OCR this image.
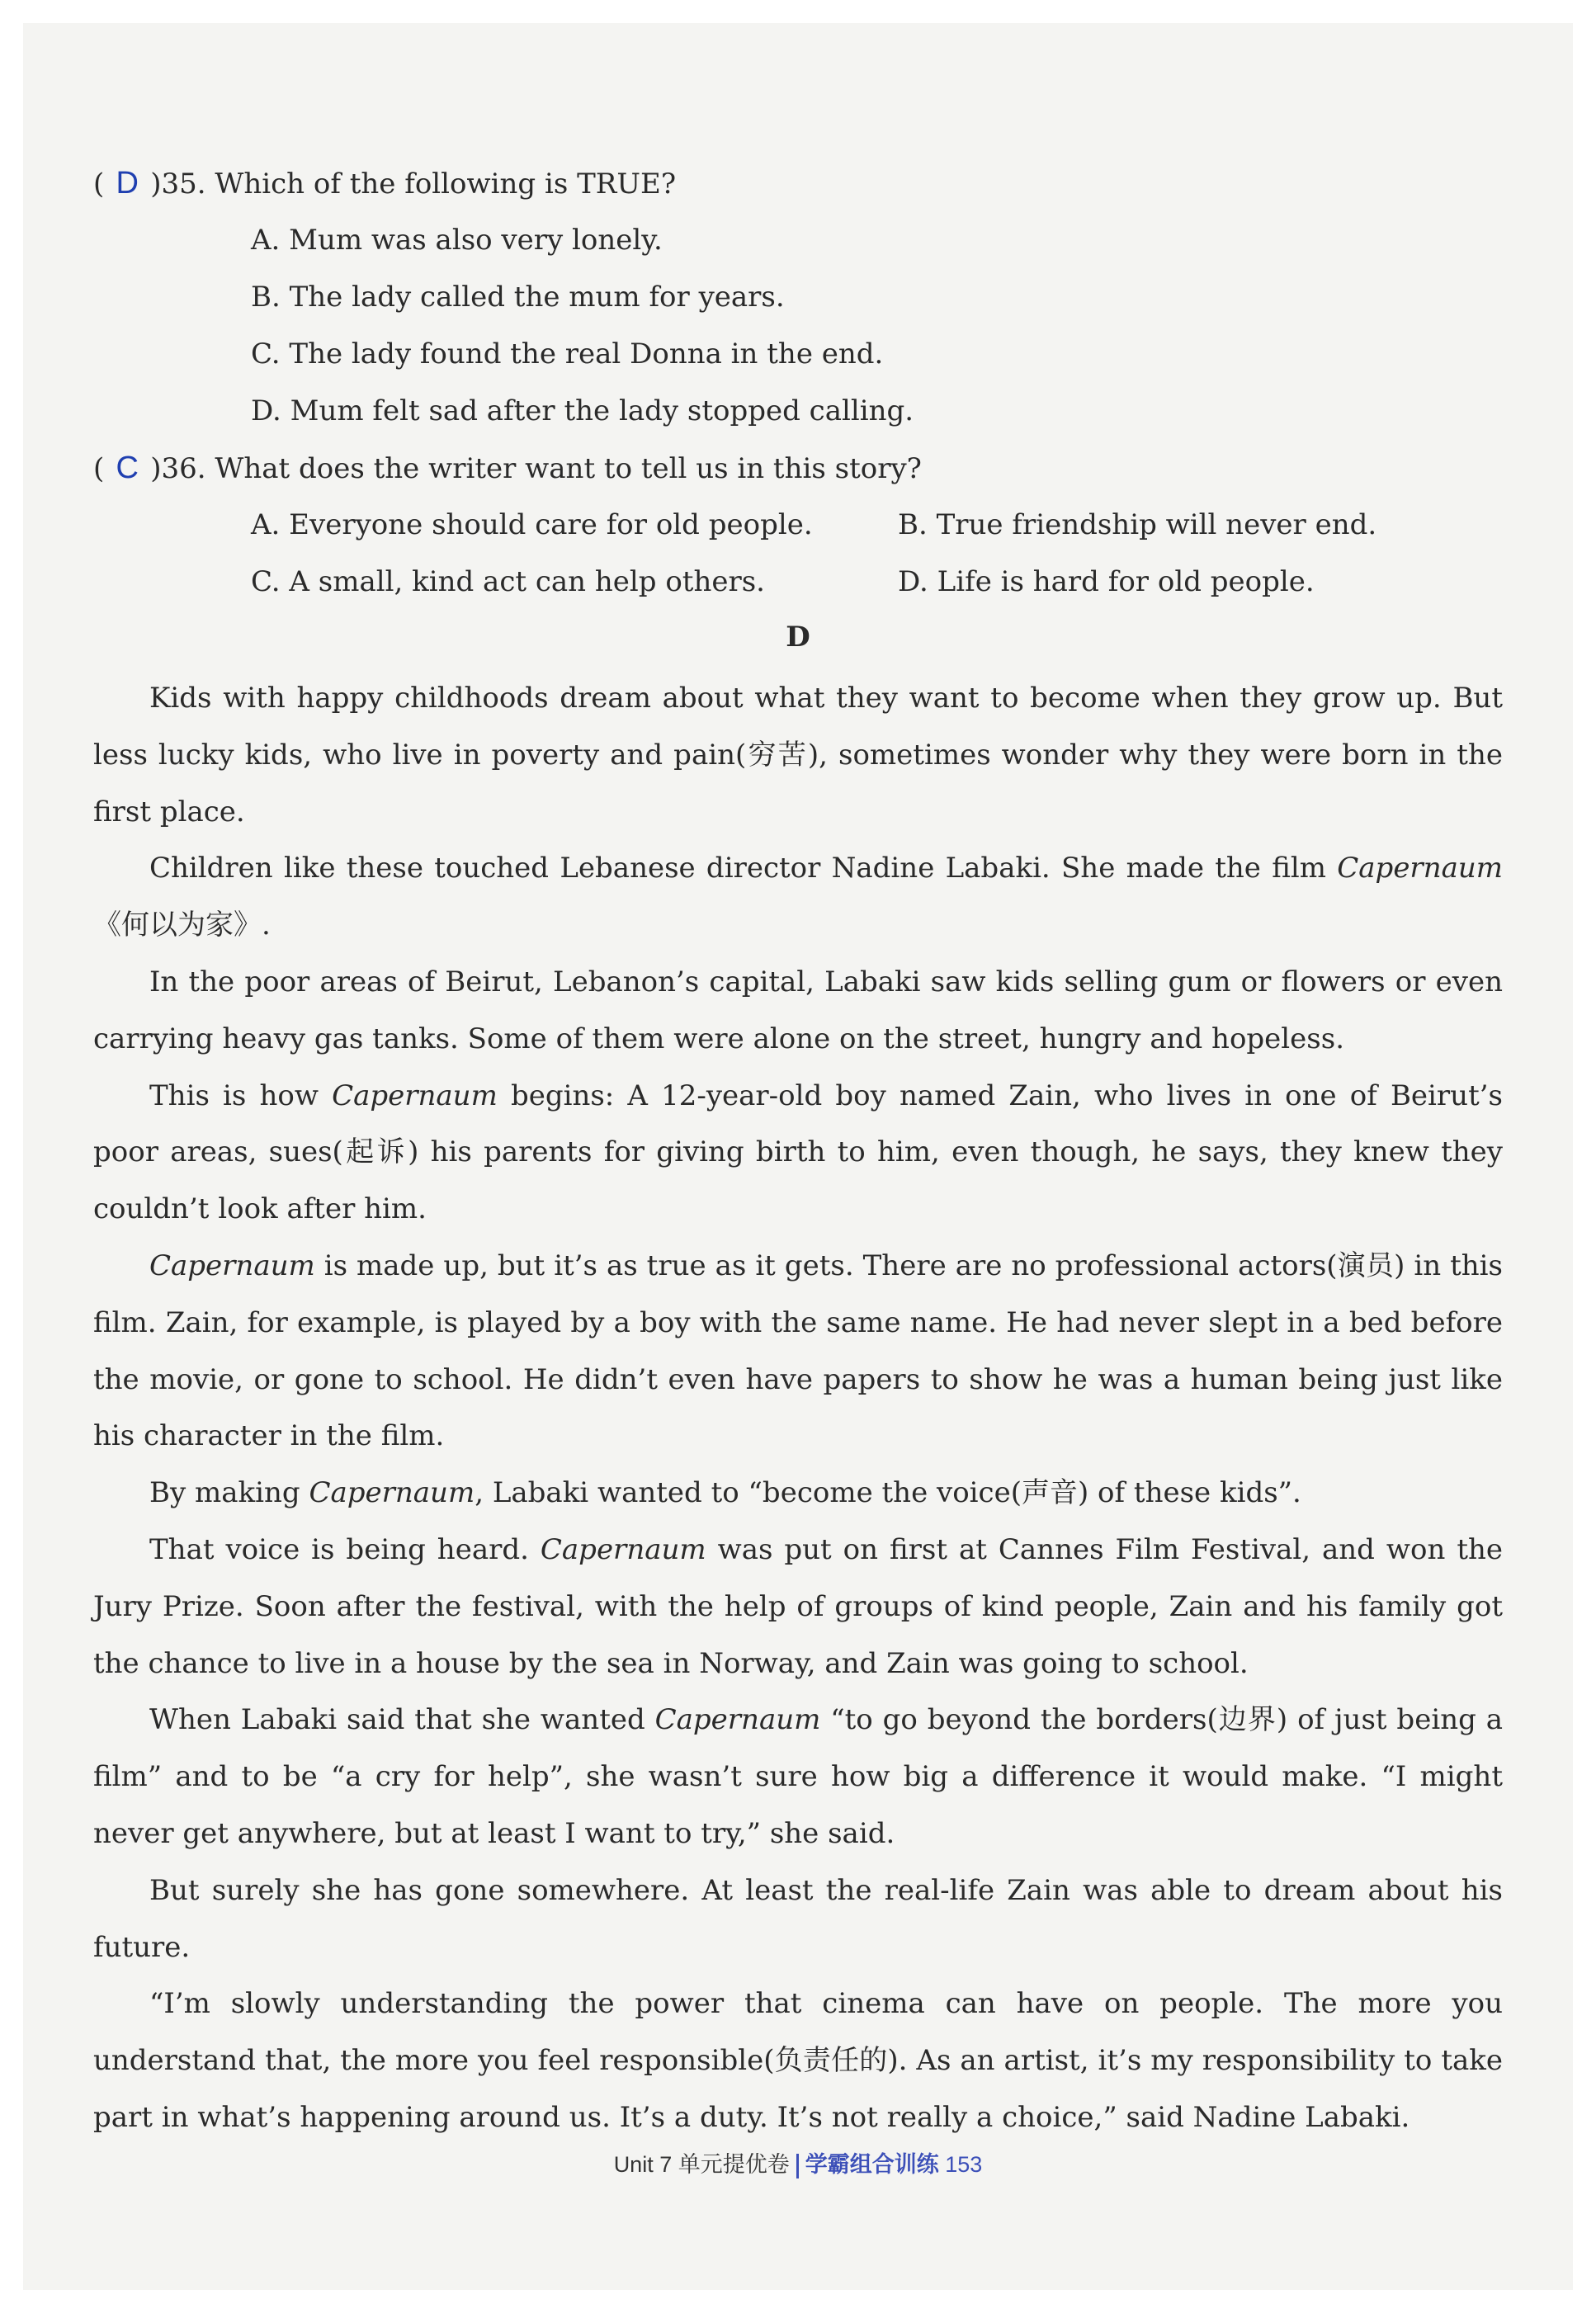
( D )35. Which of the following is TRUE?
A. Mum was also very lonely.
B. The lady called the mum for years.
C. The lady found the real Donna in the end.
D. Mum felt sad after the lady stopped calling.
( C )36. What does the writer want to tell us in this story?
A. Everyone should care for old people.	B. True friendship will never end.
C. A small, kind act can help others.	D. Life is hard for old people.
D

Kids with happy childhoods dream about what they want to become when they grow up. But less lucky kids, who live in poverty and pain(穷苦), sometimes wonder why they were born in the first place.

Children like these touched Lebanese director Nadine Labaki. She made the film Capernaum《何以为家》.

In the poor areas of Beirut, Lebanon’s capital, Labaki saw kids selling gum or flowers or even carrying heavy gas tanks. Some of them were alone on the street, hungry and hopeless.

This is how Capernaum begins: A 12-year-old boy named Zain, who lives in one of Beirut’s poor areas, sues(起诉) his parents for giving birth to him, even though, he says, they knew they couldn’t look after him.

Capernaum is made up, but it’s as true as it gets. There are no professional actors(演员) in this film. Zain, for example, is played by a boy with the same name. He had never slept in a bed before the movie, or gone to school. He didn’t even have papers to show he was a human being just like his character in the film.

By making Capernaum, Labaki wanted to “become the voice(声音) of these kids”.

That voice is being heard. Capernaum was put on first at Cannes Film Festival, and won the Jury Prize. Soon after the festival, with the help of groups of kind people, Zain and his family got the chance to live in a house by the sea in Norway, and Zain was going to school.

When Labaki said that she wanted Capernaum “to go beyond the borders(边界) of just being a film” and to be “a cry for help”, she wasn’t sure how big a difference it would make. “I might never get anywhere, but at least I want to try,” she said.

But surely she has gone somewhere. At least the real-life Zain was able to dream about his future.

“I’m slowly understanding the power that cinema can have on people. The more you understand that, the more you feel responsible(负责任的). As an artist, it’s my responsibility to take part in what’s happening around us. It’s a duty. It’s not really a choice,” said Nadine Labaki.

Unit 7 单元提优卷 学霸组合训练 153
